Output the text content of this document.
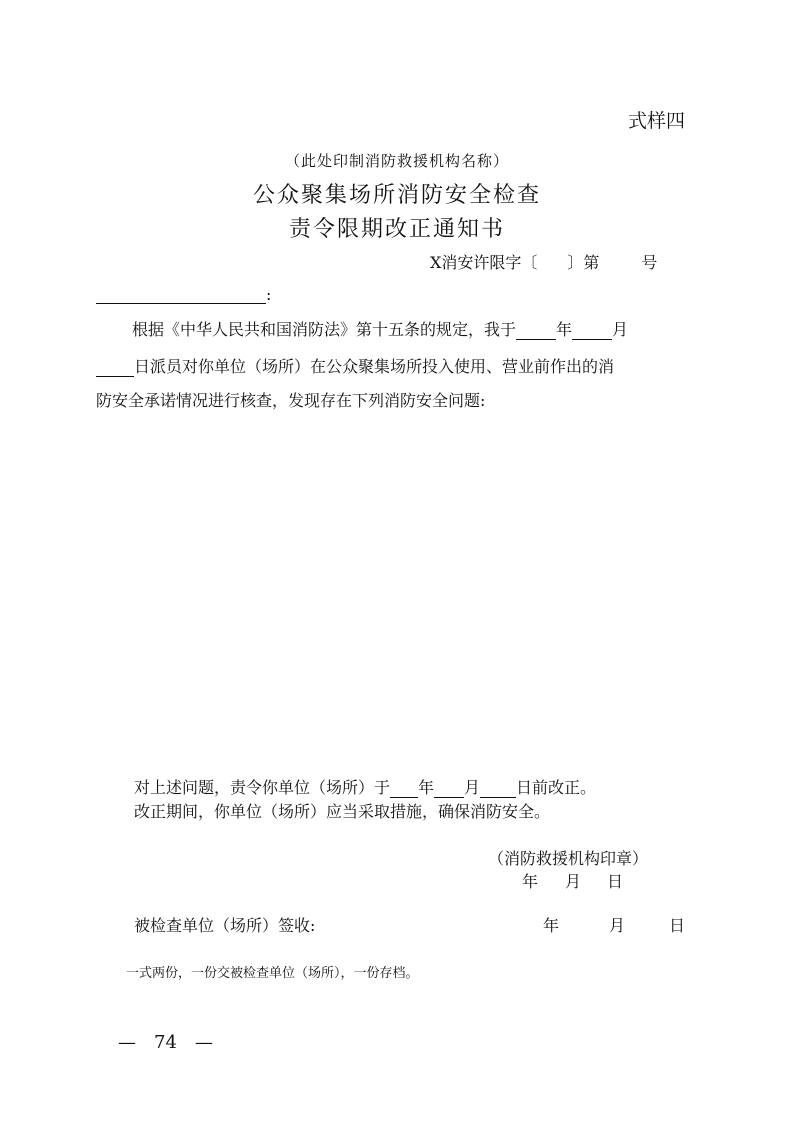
式样四
（此处印制消防救援机构名称）
公众聚集场所消防安全检查
责令限期改正通知书
X消安许限字〔 〕第	号
:
根据《中华人民共和国消防法》第十五条的规定，我于	年	月
日派员对你单位（场所）在公众聚集场所投入使用、营业前作出的消
防安全承诺情况进行核查，发现存在下列消防安全问题:
对上述问题，责令你单位（场所）于 年 月 日前改正。
改正期间，你单位（场所）应当采取措施，确保消防安全。
（消防救援机构印章）
年 月 日
被检查单位（场所）签收:	年	月	日
一式两份，一份交被检查单位（场所），一份存档。
—　74　—
